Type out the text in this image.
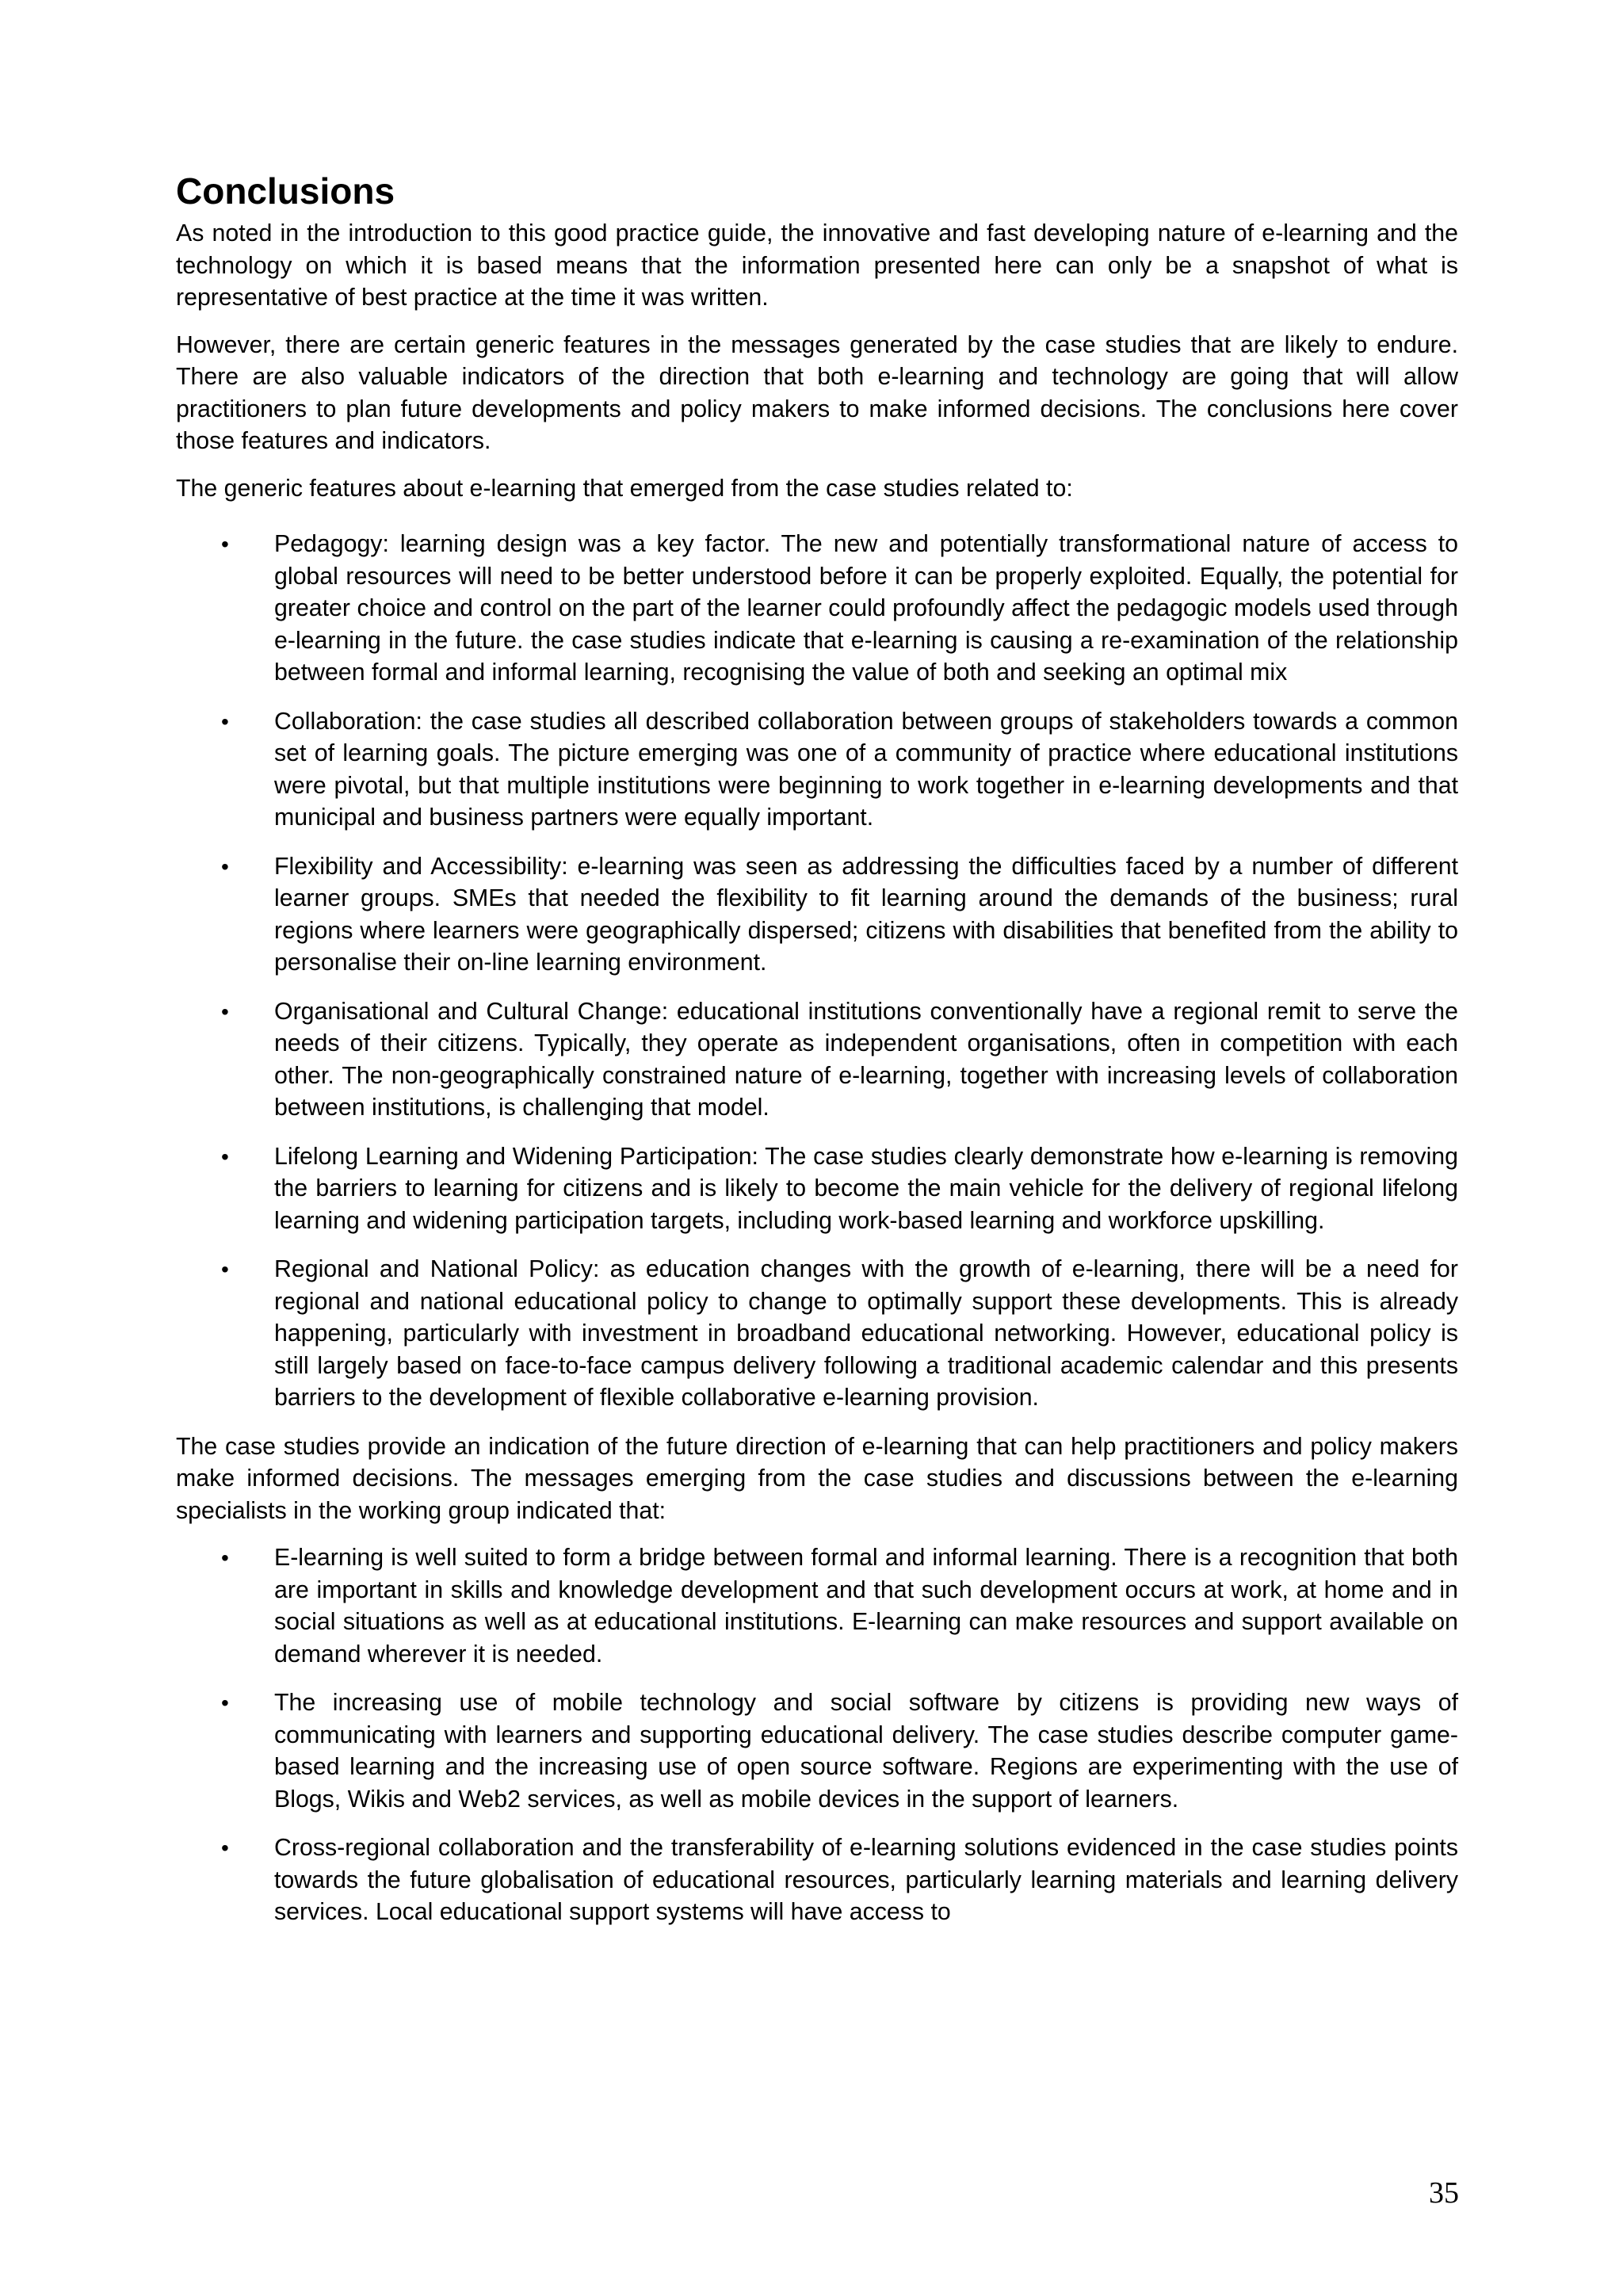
Conclusions

As noted in the introduction to this good practice guide, the innovative and fast developing nature of e-learning and the technology on which it is based means that the information presented here can only be a snapshot of what is representative of best practice at the time it was written.

However, there are certain generic features in the messages generated by the case studies that are likely to endure. There are also valuable indicators of the direction that both e-learning and technology are going that will allow practitioners to plan future developments and policy makers to make informed decisions. The conclusions here cover those features and indicators.

The generic features about e-learning that emerged from the case studies related to:

• Pedagogy: learning design was a key factor. The new and potentially transformational nature of access to global resources will need to be better understood before it can be properly exploited. Equally, the potential for greater choice and control on the part of the learner could profoundly affect the pedagogic models used through e-learning in the future. the case studies indicate that e-learning is causing a re-examination of the relationship between formal and informal learning, recognising the value of both and seeking an optimal mix
• Collaboration: the case studies all described collaboration between groups of stakeholders towards a common set of learning goals. The picture emerging was one of a community of practice where educational institutions were pivotal, but that multiple institutions were beginning to work together in e-learning developments and that municipal and business partners were equally important.
• Flexibility and Accessibility: e-learning was seen as addressing the difficulties faced by a number of different learner groups. SMEs that needed the flexibility to fit learning around the demands of the business; rural regions where learners were geographically dispersed; citizens with disabilities that benefited from the ability to personalise their on-line learning environment.
• Organisational and Cultural Change: educational institutions conventionally have a regional remit to serve the needs of their citizens. Typically, they operate as independent organisations, often in competition with each other. The non-geographically constrained nature of e-learning, together with increasing levels of collaboration between institutions, is challenging that model.
• Lifelong Learning and Widening Participation: The case studies clearly demonstrate how e-learning is removing the barriers to learning for citizens and is likely to become the main vehicle for the delivery of regional lifelong learning and widening participation targets, including work-based learning and workforce upskilling.
• Regional and National Policy: as education changes with the growth of e-learning, there will be a need for regional and national educational policy to change to optimally support these developments. This is already happening, particularly with investment in broadband educational networking. However, educational policy is still largely based on face-to-face campus delivery following a traditional academic calendar and this presents barriers to the development of flexible collaborative e-learning provision.

The case studies provide an indication of the future direction of e-learning that can help practitioners and policy makers make informed decisions. The messages emerging from the case studies and discussions between the e-learning specialists in the working group indicated that:

• E-learning is well suited to form a bridge between formal and informal learning. There is a recognition that both are important in skills and knowledge development and that such development occurs at work, at home and in social situations as well as at educational institutions. E-learning can make resources and support available on demand wherever it is needed.
• The increasing use of mobile technology and social software by citizens is providing new ways of communicating with learners and supporting educational delivery. The case studies describe computer game-based learning and the increasing use of open source software. Regions are experimenting with the use of Blogs, Wikis and Web2 services, as well as mobile devices in the support of learners.
• Cross-regional collaboration and the transferability of e-learning solutions evidenced in the case studies points towards the future globalisation of educational resources, particularly learning materials and learning delivery services. Local educational support systems will have access to
35
